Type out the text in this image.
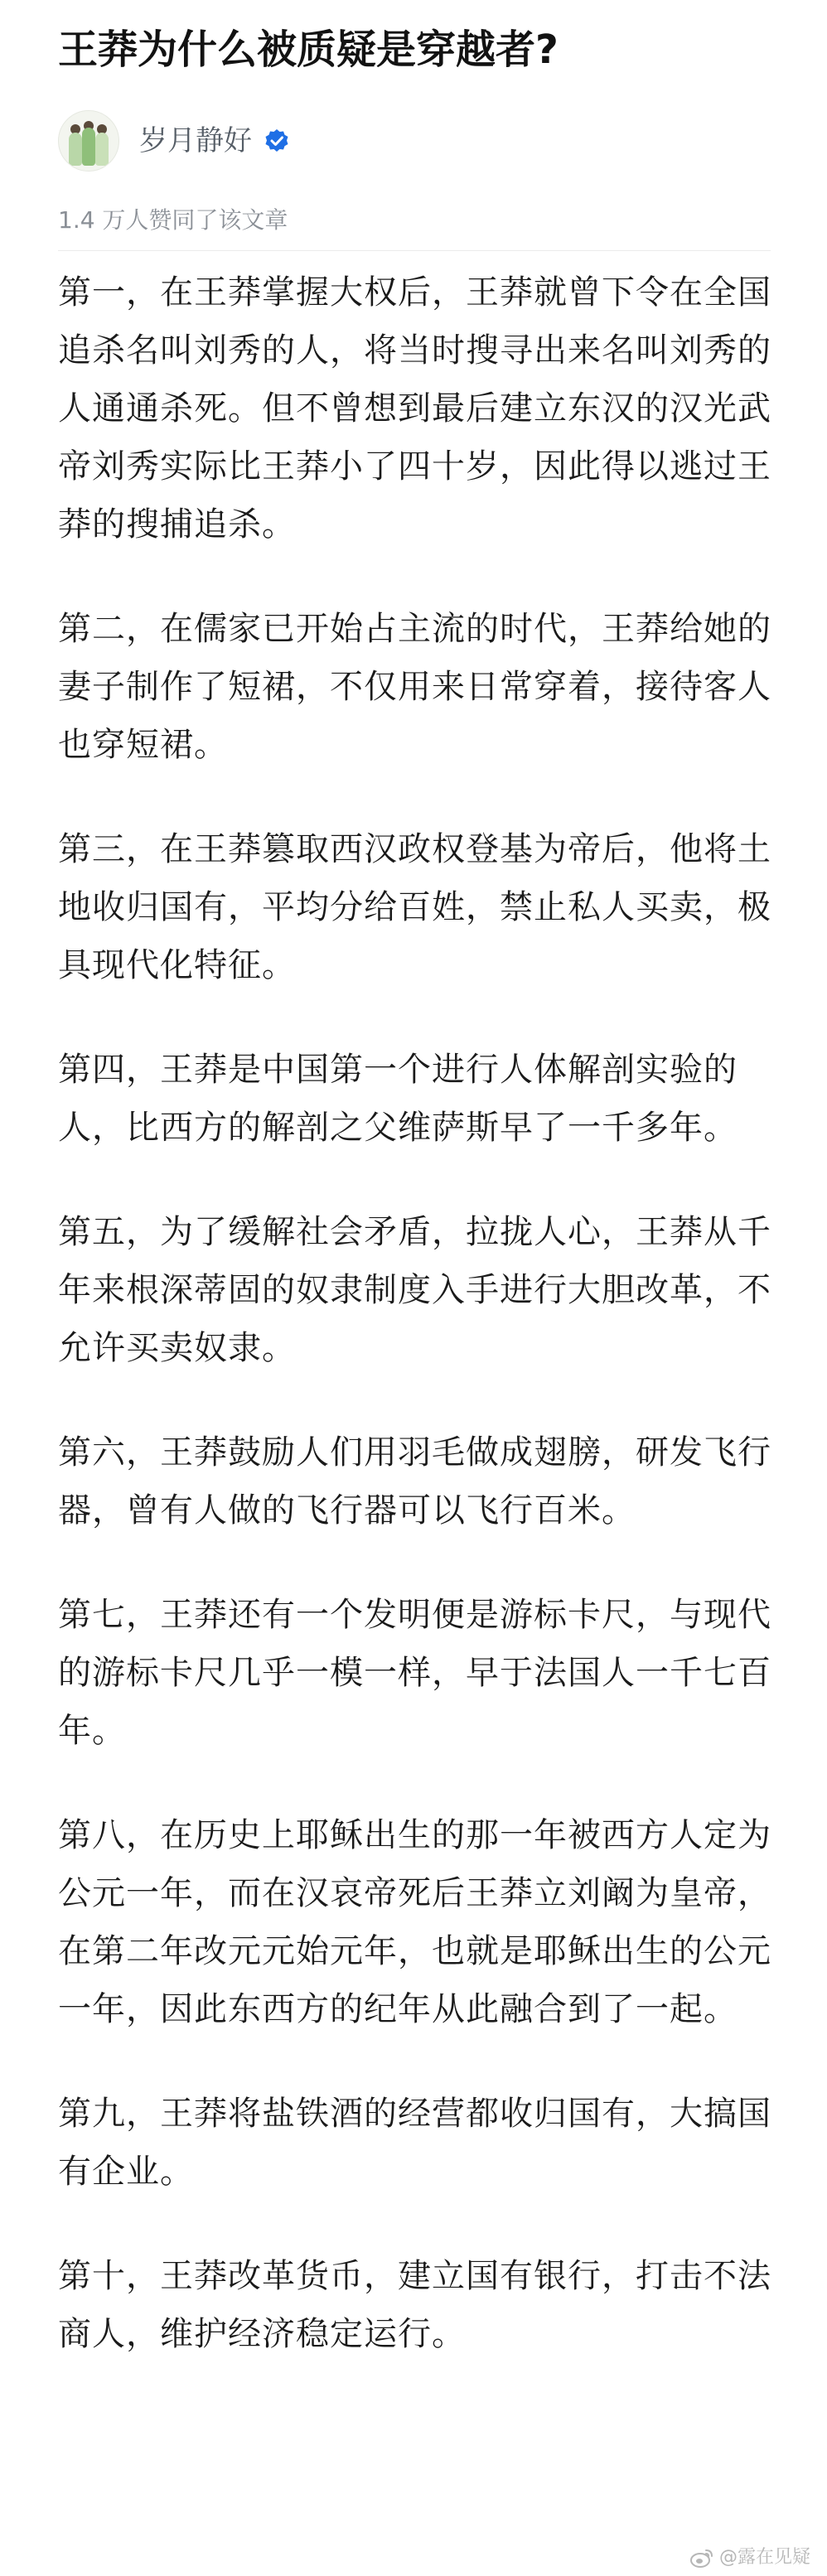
王莽为什么被质疑是穿越者?
岁月静好
1.4 万人赞同了该文章

第一，在王莽掌握大权后，王莽就曾下令在全国追杀名叫刘秀的人，将当时搜寻出来名叫刘秀的人通通杀死。但不曾想到最后建立东汉的汉光武帝刘秀实际比王莽小了四十岁，因此得以逃过王莽的搜捕追杀。

第二，在儒家已开始占主流的时代，王莽给她的妻子制作了短裙，不仅用来日常穿着，接待客人也穿短裙。

第三，在王莽篡取西汉政权登基为帝后，他将土地收归国有，平均分给百姓，禁止私人买卖，极具现代化特征。

第四，王莽是中国第一个进行人体解剖实验的人，比西方的解剖之父维萨斯早了一千多年。

第五，为了缓解社会矛盾，拉拢人心，王莽从千年来根深蒂固的奴隶制度入手进行大胆改革，不允许买卖奴隶。

第六，王莽鼓励人们用羽毛做成翅膀，研发飞行器，曾有人做的飞行器可以飞行百米。

第七，王莽还有一个发明便是游标卡尺，与现代的游标卡尺几乎一模一样，早于法国人一千七百年。

第八，在历史上耶稣出生的那一年被西方人定为公元一年，而在汉哀帝死后王莽立刘阚为皇帝，在第二年改元元始元年，也就是耶稣出生的公元一年，因此东西方的纪年从此融合到了一起。

第九，王莽将盐铁酒的经营都收归国有，大搞国有企业。

第十，王莽改革货币，建立国有银行，打击不法商人，维护经济稳定运行。

@露在见疑
